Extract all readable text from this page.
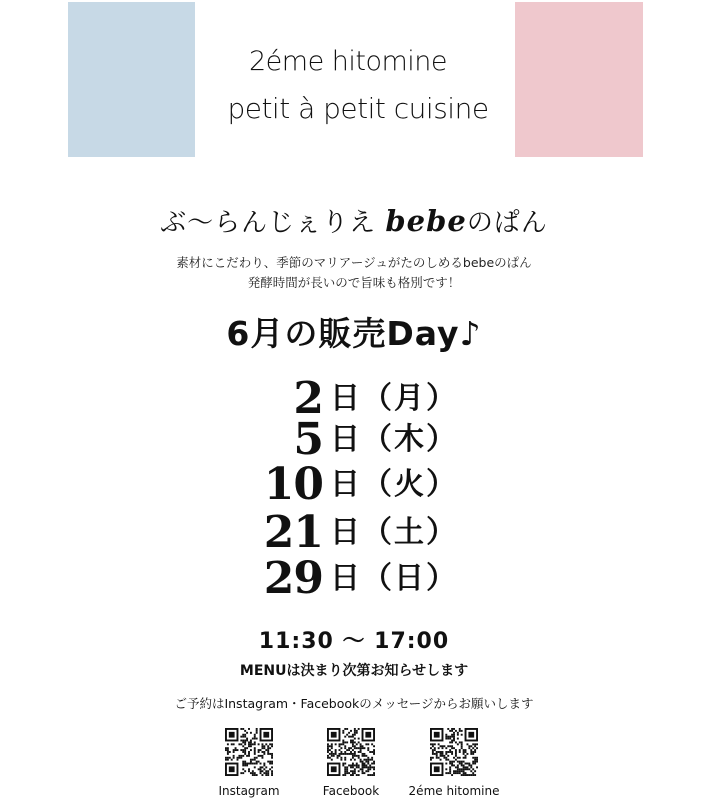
2éme hitomine
petit à petit cuisine
ぶ〜らんじぇりえ bebeのぱん
素材にこだわり、季節のマリアージュがたのしめるbebeのぱん
発酵時間が長いので旨味も格別です！
6月の販売Day♪
2 日（月）
5 日（木）
10 日（火）
21 日（土）
29 日（日）
11:30 ～ 17:00
MENUは決まり次第お知らせします
ご予約はInstagram・Facebookのメッセージからお願いします
Instagram	Facebook	2éme hitomine
